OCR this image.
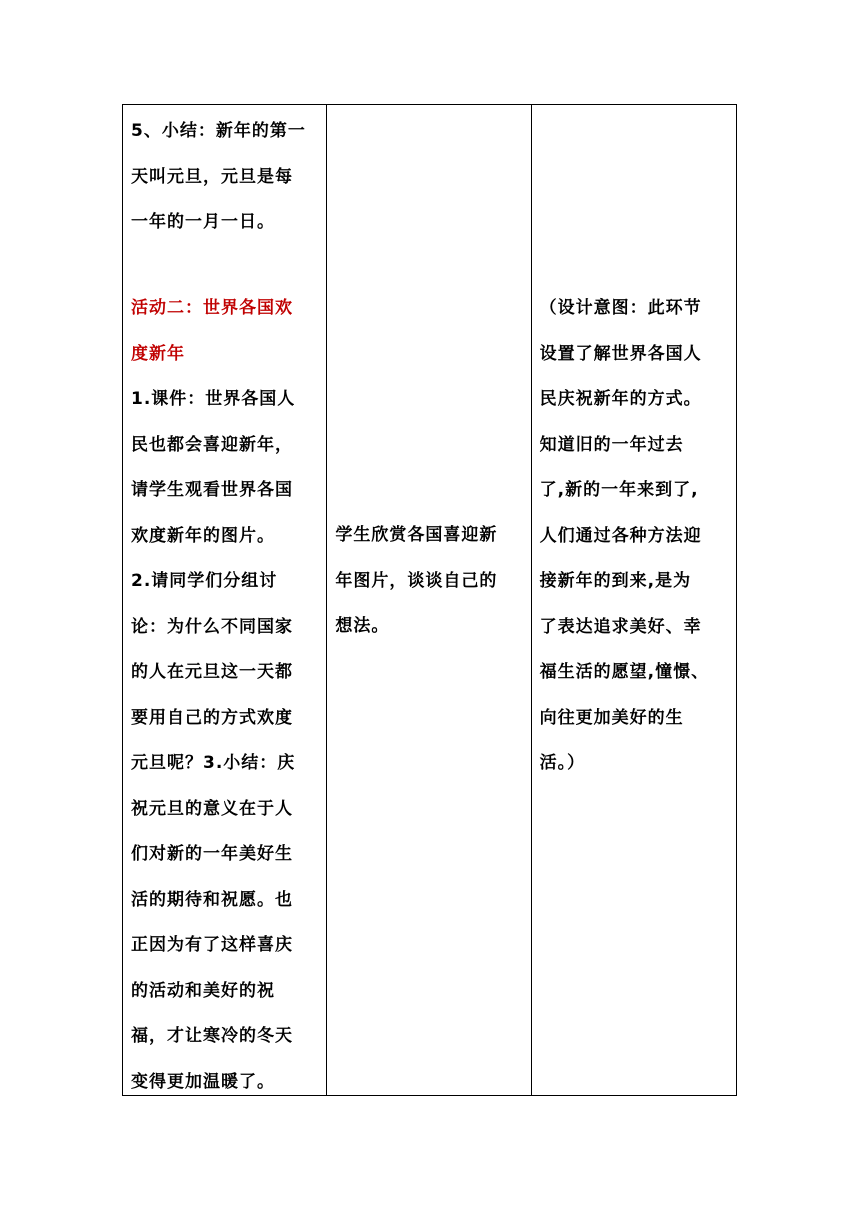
5、小结：新年的第一
天叫元旦，元旦是每
一年的一月一日。
活动二：世界各国欢
度新年
1.课件：世界各国人
民也都会喜迎新年，
请学生观看世界各国
欢度新年的图片。
2.请同学们分组讨
论：为什么不同国家
的人在元旦这一天都
要用自己的方式欢度
元旦呢？3.小结：庆
祝元旦的意义在于人
们对新的一年美好生
活的期待和祝愿。也
正因为有了这样喜庆
的活动和美好的祝
福，才让寒冷的冬天
变得更加温暖了。
学生欣赏各国喜迎新
年图片，谈谈自己的
想法。
（设计意图：此环节
设置了解世界各国人
民庆祝新年的方式。
知道旧的一年过去
了,新的一年来到了,
人们通过各种方法迎
接新年的到来,是为
了表达追求美好、幸
福生活的愿望,憧憬、
向往更加美好的生
活。）
